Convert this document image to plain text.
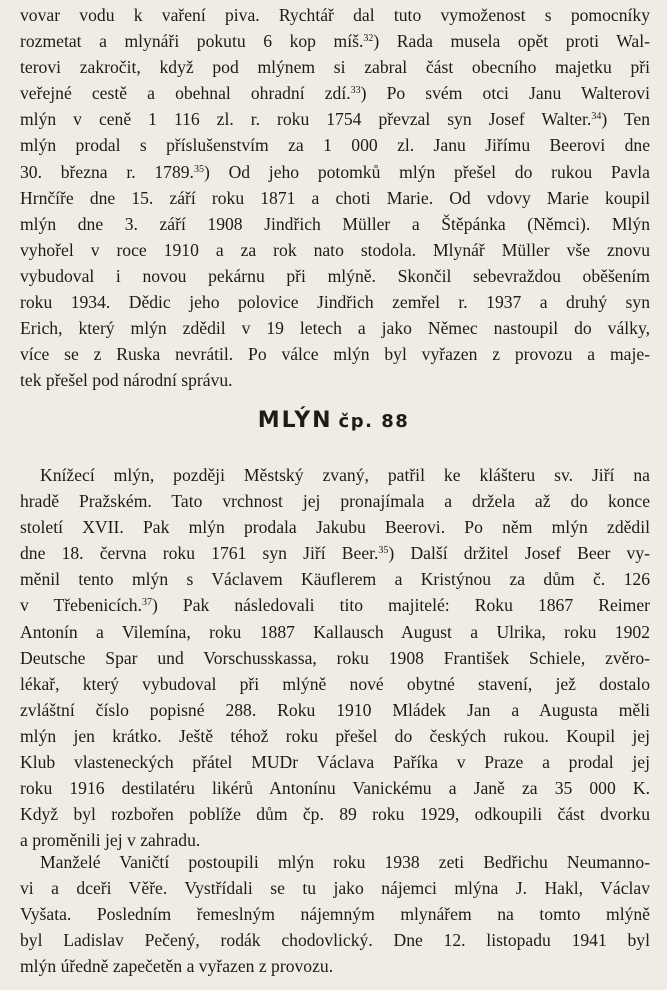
vovar vodu k vaření piva. Rychtář dal tuto vymoženost s pomocníky
rozmetat a mlynáři pokutu 6 kop míš.$^{32}$) Rada musela opět proti Wal-
terovi zakročit, když pod mlýnem si zabral část obecního majetku při
veřejné cestě a obehnal ohradní zdí.$^{33}$) Po svém otci Janu Walterovi
mlýn v ceně 1 116 zl. r. roku 1754 převzal syn Josef Walter.$^{34}$) Ten
mlýn prodal s příslušenstvím za 1 000 zl. Janu Jiřímu Beerovi dne
30. března r. 1789.35) Od jeho potomků mlýn přešel do rukou Pavla
Hrnčíře dne 15. září roku 1871 a choti Marie. Od vdovy Marie koupil
mlýn dne 3. září 1908 Jindřich Müller a Štěpánka (Němci). Mlýn
vyhořel v roce 1910 a za rok nato stodola. Mlynář Müller vše znovu
vybudoval i novou pekárnu při mlýně. Skončil sebevraždou oběšením
roku 1934. Dědic jeho polovice Jindřich zemřel r. 1937 a druhý syn
Erich, který mlýn zdědil v 19 letech a jako Němec nastoupil do války,
více se z Ruska nevrátil. Po válce mlýn byl vyřazen z provozu a maje-
tek přešel pod národní správu.

MLÝN čp. 88

Knížecí mlýn, později Městský zvaný, patřil ke klášteru sv. Jiří na
hradě Pražském. Tato vrchnost jej pronajímala a držela až do konce
století XVII. Pak mlýn prodala Jakubu Beerovi. Po něm mlýn zdědil
dne 18. června roku 1761 syn Jiří Beer.$^{35}$) Další držitel Josef Beer vy-
měnil tento mlýn s Václavem Käuflerem a Kristýnou za dům č. 126
v Třebenicích.$^{37}$) Pak následovali tito majitelé: Roku 1867 Reimer
Antonín a Vilemína, roku 1887 Kallausch August a Ulrika, roku 1902
Deutsche Spar und Vorschusskassa, roku 1908 František Schiele, zvěro-
lékař, který vybudoval při mlýně nové obytné stavení, jež dostalo
zvláštní číslo popisné 288. Roku 1910 Mládek Jan a Augusta měli
mlýn jen krátko. Ještě téhož roku přešel do českých rukou. Koupil jej
Klub vlasteneckých přátel MUDr Václava Paříka v Praze a prodal jej
roku 1916 destilatéru likérů Antonínu Vanickému a Janě za 35 000 K.
Když byl rozbořen poblíže dům čp. 89 roku 1929, odkoupili část dvorku
a proměnili jej v zahradu.

Manželé Vaničtí postoupili mlýn roku 1938 zeti Bedřichu Neumanno-
vi a dceři Věře. Vystřídali se tu jako nájemci mlýna J. Hakl, Václav
Vyšata. Posledním řemeslným nájemným mlynářem na tomto mlýně
byl Ladislav Pečený, rodák chodovlický. Dne 12. listopadu 1941 byl
mlýn úředně zapečetěn a vyřazen z provozu.
